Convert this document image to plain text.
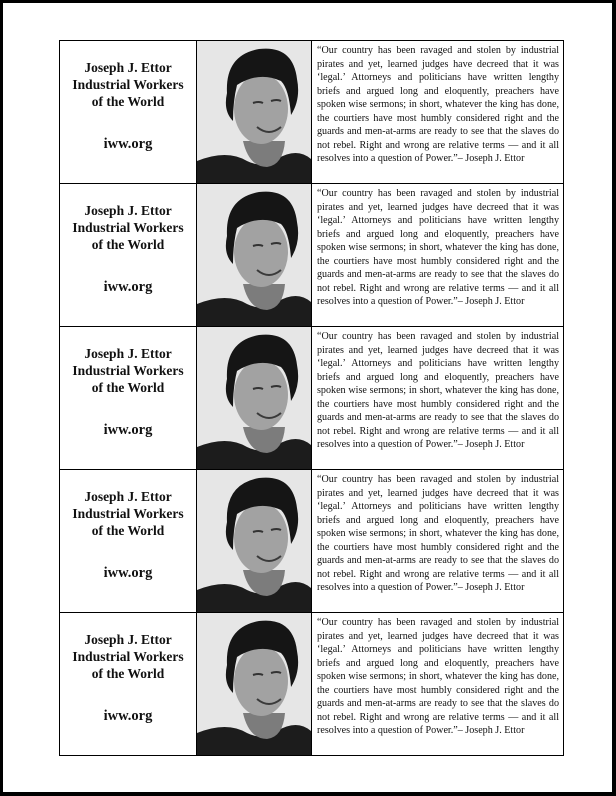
Joseph J. Ettor
Industrial Workers
of the World
iww.org
“Our country has been ravaged and stolen by industrial pirates and yet, learned judges have decreed that it was ‘legal.’ Attorneys and politicians have written lengthy briefs and argued long and eloquently, preachers have spoken wise sermons; in short, whatever the king has done, the courtiers have most humbly considered right and the guards and men-at-arms are ready to see that the slaves do not rebel. Right and wrong are relative terms — and it all resolves into a question of Power.”– Joseph J. Ettor
Joseph J. Ettor
Industrial Workers
of the World
iww.org
“Our country has been ravaged and stolen by industrial pirates and yet, learned judges have decreed that it was ‘legal.’ Attorneys and politicians have written lengthy briefs and argued long and eloquently, preachers have spoken wise sermons; in short, whatever the king has done, the courtiers have most humbly considered right and the guards and men-at-arms are ready to see that the slaves do not rebel. Right and wrong are relative terms — and it all resolves into a question of Power.”– Joseph J. Ettor
Joseph J. Ettor
Industrial Workers
of the World
iww.org
“Our country has been ravaged and stolen by industrial pirates and yet, learned judges have decreed that it was ‘legal.’ Attorneys and politicians have written lengthy briefs and argued long and eloquently, preachers have spoken wise sermons; in short, whatever the king has done, the courtiers have most humbly considered right and the guards and men-at-arms are ready to see that the slaves do not rebel. Right and wrong are relative terms — and it all resolves into a question of Power.”– Joseph J. Ettor
Joseph J. Ettor
Industrial Workers
of the World
iww.org
“Our country has been ravaged and stolen by industrial pirates and yet, learned judges have decreed that it was ‘legal.’ Attorneys and politicians have written lengthy briefs and argued long and eloquently, preachers have spoken wise sermons; in short, whatever the king has done, the courtiers have most humbly considered right and the guards and men-at-arms are ready to see that the slaves do not rebel. Right and wrong are relative terms — and it all resolves into a question of Power.”– Joseph J. Ettor
Joseph J. Ettor
Industrial Workers
of the World
iww.org
“Our country has been ravaged and stolen by industrial pirates and yet, learned judges have decreed that it was ‘legal.’ Attorneys and politicians have written lengthy briefs and argued long and eloquently, preachers have spoken wise sermons; in short, whatever the king has done, the courtiers have most humbly considered right and the guards and men-at-arms are ready to see that the slaves do not rebel. Right and wrong are relative terms — and it all resolves into a question of Power.”– Joseph J. Ettor
